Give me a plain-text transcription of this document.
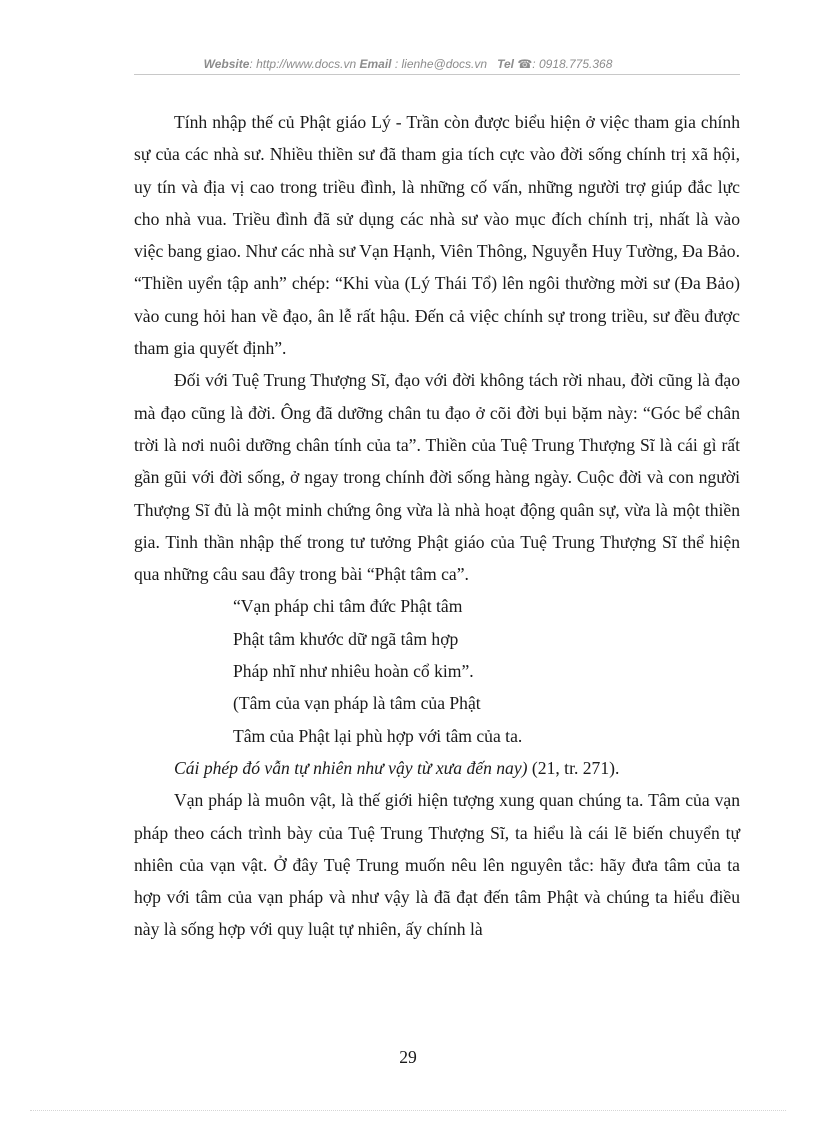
Website: http://www.docs.vn Email : lienhe@docs.vn Tel ☎: 0918.775.368

Tính nhập thế củ Phật giáo Lý - Trần còn được biểu hiện ở việc tham gia chính sự của các nhà sư. Nhiều thiền sư đã tham gia tích cực vào đời sống chính trị xã hội, uy tín và địa vị cao trong triều đình, là những cố vấn, những người trợ giúp đắc lực cho nhà vua. Triều đình đã sử dụng các nhà sư vào mục đích chính trị, nhất là vào việc bang giao. Như các nhà sư Vạn Hạnh, Viên Thông, Nguyễn Huy Tường, Đa Bảo. “Thiền uyển tập anh” chép: “Khi vùa (Lý Thái Tổ) lên ngôi thường mời sư (Đa Bảo) vào cung hỏi han về đạo, ân lễ rất hậu. Đến cả việc chính sự trong triều, sư đều được tham gia quyết định”.

Đối với Tuệ Trung Thượng Sĩ, đạo với đời không tách rời nhau, đời cũng là đạo mà đạo cũng là đời. Ông đã dưỡng chân tu đạo ở cõi đời bụi bặm này: “Góc bể chân trời là nơi nuôi dưỡng chân tính của ta”. Thiền của Tuệ Trung Thượng Sĩ là cái gì rất gần gũi với đời sống, ở ngay trong chính đời sống hàng ngày. Cuộc đời và con người Thượng Sĩ đủ là một minh chứng ông vừa là nhà hoạt động quân sự, vừa là một thiền gia. Tinh thần nhập thế trong tư tưởng Phật giáo của Tuệ Trung Thượng Sĩ thể hiện qua những câu sau đây trong bài “Phật tâm ca”.

“Vạn pháp chi tâm đức Phật tâm
Phật tâm khước dữ ngã tâm hợp
Pháp nhĩ như nhiêu hoàn cổ kim”.
(Tâm của vạn pháp là tâm của Phật
Tâm của Phật lại phù hợp với tâm của ta.

Cái phép đó vẫn tự nhiên như vậy từ xưa đến nay) (21, tr. 271).

Vạn pháp là muôn vật, là thế giới hiện tượng xung quan chúng ta. Tâm của vạn pháp theo cách trình bày của Tuệ Trung Thượng Sĩ, ta hiểu là cái lẽ biến chuyển tự nhiên của vạn vật. Ở đây Tuệ Trung muốn nêu lên nguyên tắc: hãy đưa tâm của ta hợp với tâm của vạn pháp và như vậy là đã đạt đến tâm Phật và chúng ta hiểu điều này là sống hợp với quy luật tự nhiên, ấy chính là

29
